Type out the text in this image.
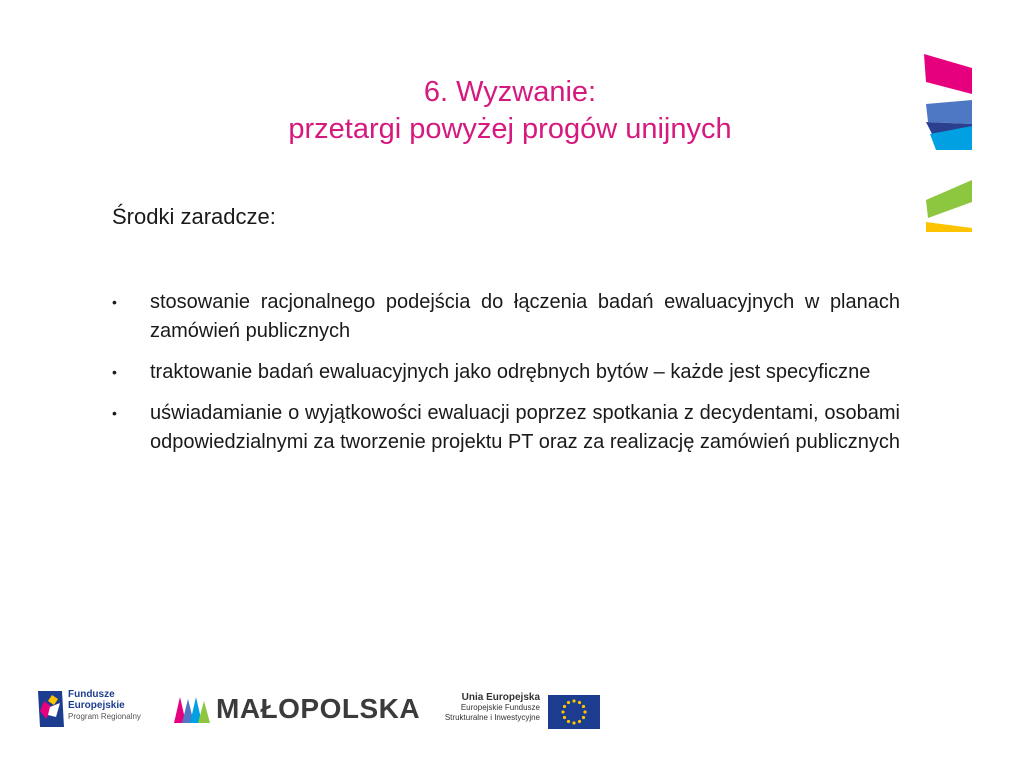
6. Wyzwanie:
przetargi powyżej progów unijnych
Środki zaradcze:
• stosowanie racjonalnego podejścia do łączenia badań ewaluacyjnych w planach zamówień publicznych
• traktowanie badań ewaluacyjnych jako odrębnych bytów – każde jest specyficzne
• uświadamianie o wyjątkowości ewaluacji poprzez spotkania z decydentami, osobami odpowiedzialnymi za tworzenie projektu PT oraz za realizację zamówień publicznych
Fundusze
Europejskie
Program Regionalny	MAŁOPOLSKA	Unia Europejska
Europejskie Fundusze
Strukturalne i Inwestycyjne
